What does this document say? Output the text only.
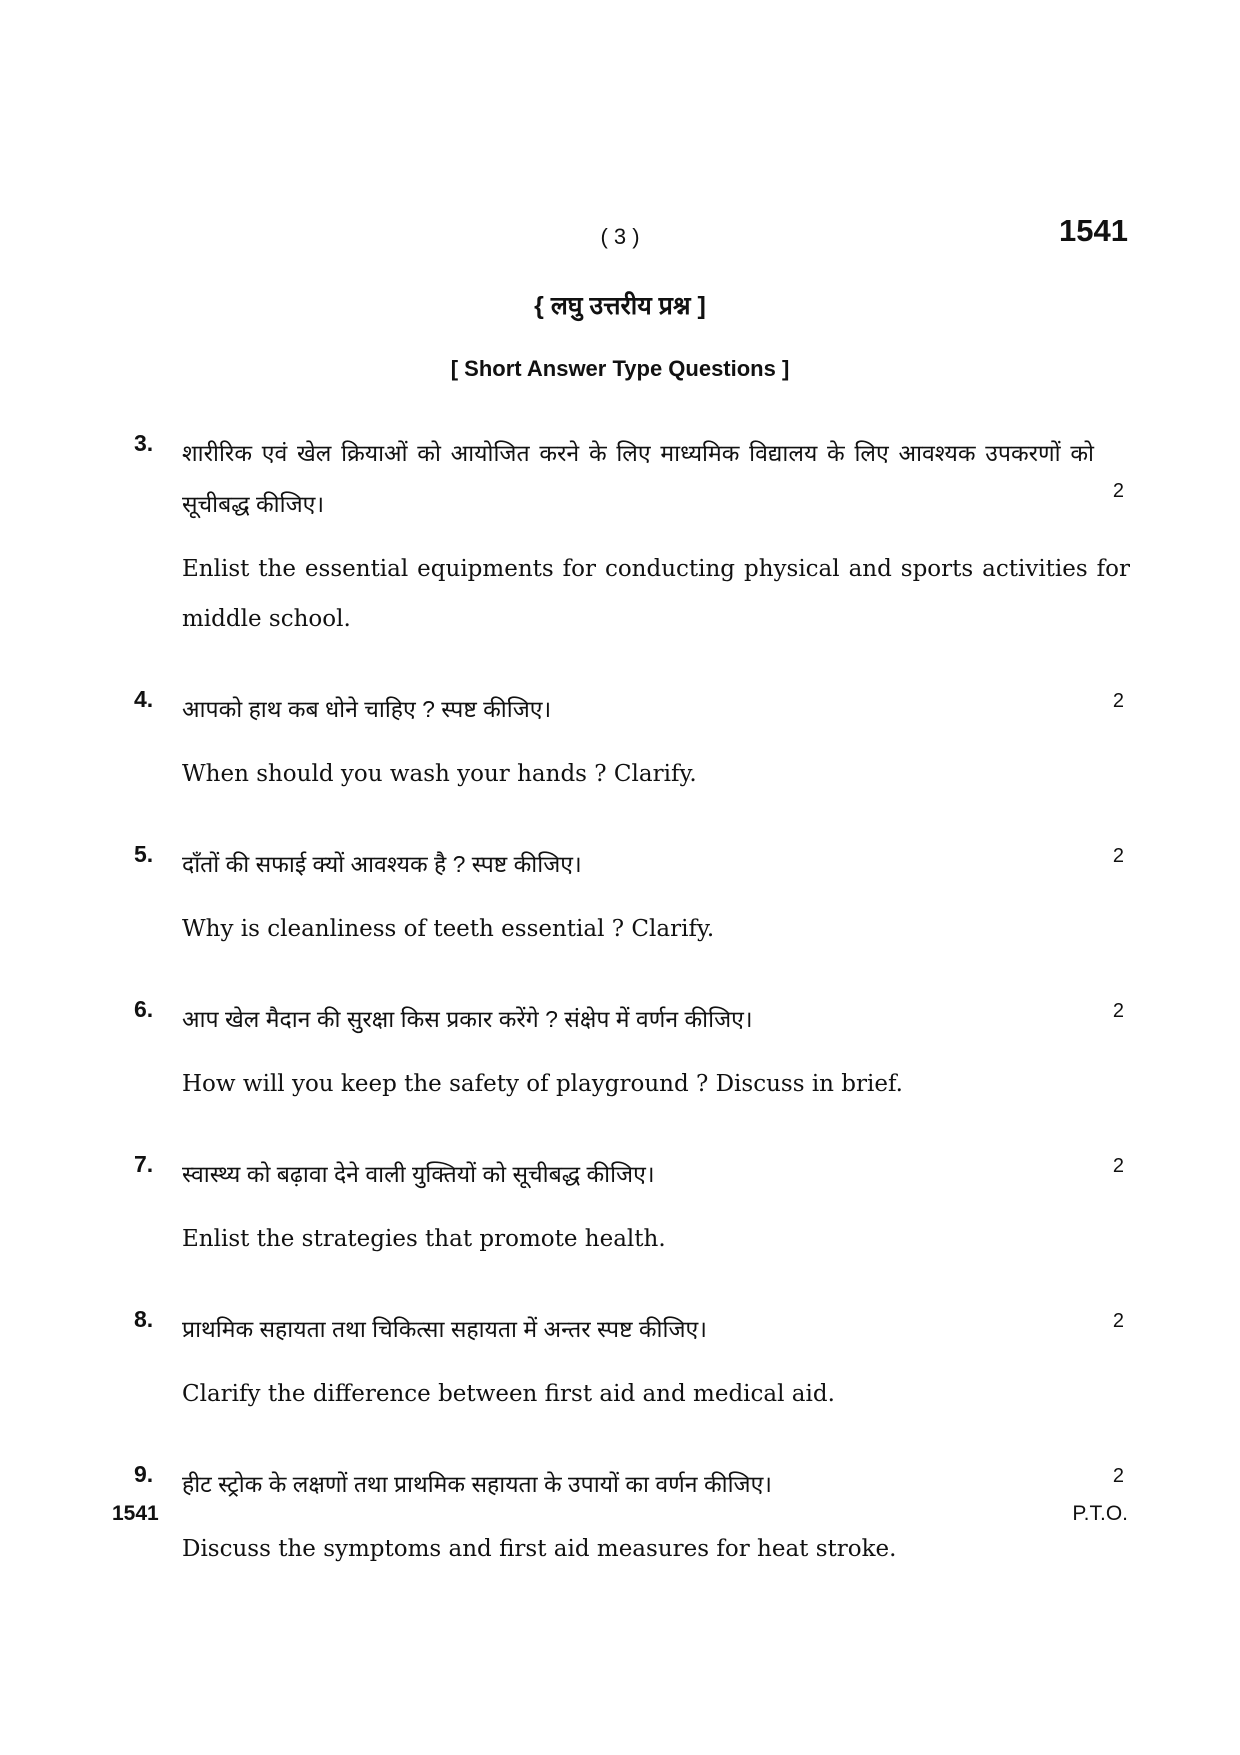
( 3 )	1541
{ लघु उत्तरीय प्रश्न ]
[ Short Answer Type Questions ]
3. शारीरिक एवं खेल क्रियाओं को आयोजित करने के लिए माध्यमिक विद्यालय के लिए आवश्यक उपकरणों को सूचीबद्ध कीजिए।	2
Enlist the essential equipments for conducting physical and sports activities for middle school.
4. आपको हाथ कब धोने चाहिए ? स्पष्ट कीजिए।	2
When should you wash your hands ? Clarify.
5. दाँतों की सफाई क्यों आवश्यक है ? स्पष्ट कीजिए।	2
Why is cleanliness of teeth essential ? Clarify.
6. आप खेल मैदान की सुरक्षा किस प्रकार करेंगे ? संक्षेप में वर्णन कीजिए।	2
How will you keep the safety of playground ? Discuss in brief.
7. स्वास्थ्य को बढ़ावा देने वाली युक्तियों को सूचीबद्ध कीजिए।	2
Enlist the strategies that promote health.
8. प्राथमिक सहायता तथा चिकित्सा सहायता में अन्तर स्पष्ट कीजिए।	2
Clarify the difference between first aid and medical aid.
9. हीट स्ट्रोक के लक्षणों तथा प्राथमिक सहायता के उपायों का वर्णन कीजिए।	2
Discuss the symptoms and first aid measures for heat stroke.
1541	P.T.O.
